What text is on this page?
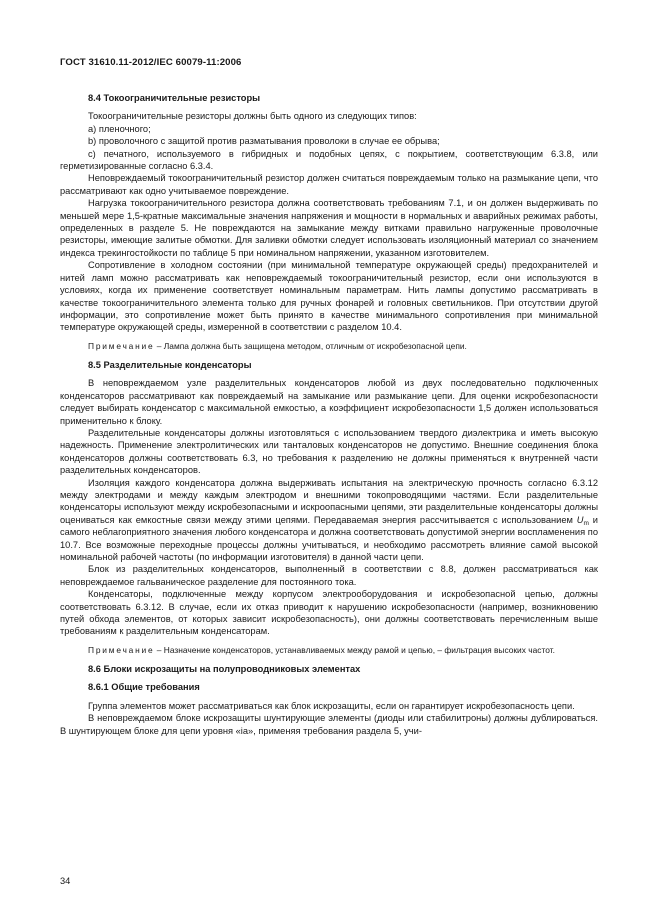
ГОСТ 31610.11-2012/IEC 60079-11:2006
8.4 Токоограничительные резисторы

Токоограничительные резисторы должны быть одного из следующих типов:

а) пленочного;

b) проволочного с защитой против разматывания проволоки в случае ее обрыва;

с) печатного, используемого в гибридных и подобных цепях, с покрытием, соответствующим 6.3.8, или герметизированные согласно 6.3.4.

Неповреждаемый токоограничительный резистор должен считаться повреждаемым только на размыкание цепи, что рассматривают как одно учитываемое повреждение.

Нагрузка токоограничительного резистора должна соответствовать требованиям 7.1, и он должен выдерживать по меньшей мере 1,5-кратные максимальные значения напряжения и мощности в нормальных и аварийных режимах работы, определенных в разделе 5. Не повреждаются на замыкание между витками правильно нагруженные проволочные резисторы, имеющие залитые обмотки. Для заливки обмотки следует использовать изоляционный материал со значением индекса трекингостойкости по таблице 5 при номинальном напряжении, указанном изготовителем.

Сопротивление в холодном состоянии (при минимальной температуре окружающей среды) предохранителей и нитей ламп можно рассматривать как неповреждаемый токоограничительный резистор, если они используются в условиях, когда их применение соответствует номинальным параметрам. Нить лампы допустимо рассматривать в качестве токоограничительного элемента только для ручных фонарей и головных светильников. При отсутствии другой информации, это сопротивление может быть принято в качестве минимального сопротивления при минимальной температуре окружающей среды, измеренной в соответствии с разделом 10.4.

Примечание – Лампа должна быть защищена методом, отличным от искробезопасной цепи.

8.5 Разделительные конденсаторы

В неповреждаемом узле разделительных конденсаторов любой из двух последовательно подключенных конденсаторов рассматривают как повреждаемый на замыкание или размыкание цепи. Для оценки искробезопасности следует выбирать конденсатор с максимальной емкостью, а коэффициент искробезопасности 1,5 должен использоваться применительно к блоку.

Разделительные конденсаторы должны изготовляться с использованием твердого диэлектрика и иметь высокую надежность. Применение электролитических или танталовых конденсаторов не допустимо. Внешние соединения блока конденсаторов должны соответствовать 6.3, но требования к разделению не должны применяться к внутренней части разделительных конденсаторов.

Изоляция каждого конденсатора должна выдерживать испытания на электрическую прочность согласно 6.3.12 между электродами и между каждым электродом и внешними токопроводящими частями. Если разделительные конденсаторы используют между искробезопасными и искроопасными цепями, эти разделительные конденсаторы должны оцениваться как емкостные связи между этими цепями. Передаваемая энергия рассчитывается с использованием $U_m$ и самого неблагоприятного значения любого конденсатора и должна соответствовать допустимой энергии воспламенения по 10.7. Все возможные переходные процессы должны учитываться, и необходимо рассмотреть влияние самой высокой номинальной рабочей частоты (по информации изготовителя) в данной части цепи.

Блок из разделительных конденсаторов, выполненный в соответствии с 8.8, должен рассматриваться как неповреждаемое гальваническое разделение для постоянного тока.

Конденсаторы, подключенные между корпусом электрооборудования и искробезопасной цепью, должны соответствовать 6.3.12. В случае, если их отказ приводит к нарушению искробезопасности (например, возникновению путей обхода элементов, от которых зависит искробезопасность), они должны соответствовать перечисленным выше требованиям к разделительным конденсаторам.

Примечание – Назначение конденсаторов, устанавливаемых между рамой и цепью, – фильтрация высоких частот.

8.6 Блоки искрозащиты на полупроводниковых элементах
8.6.1 Общие требования

Группа элементов может рассматриваться как блок искрозащиты, если он гарантирует искробезопасность цепи.

В неповреждаемом блоке искрозащиты шунтирующие элементы (диоды или стабилитроны) должны дублироваться. В шунтирующем блоке для цепи уровня «ia», применяя требования раздела 5, учи-

34
